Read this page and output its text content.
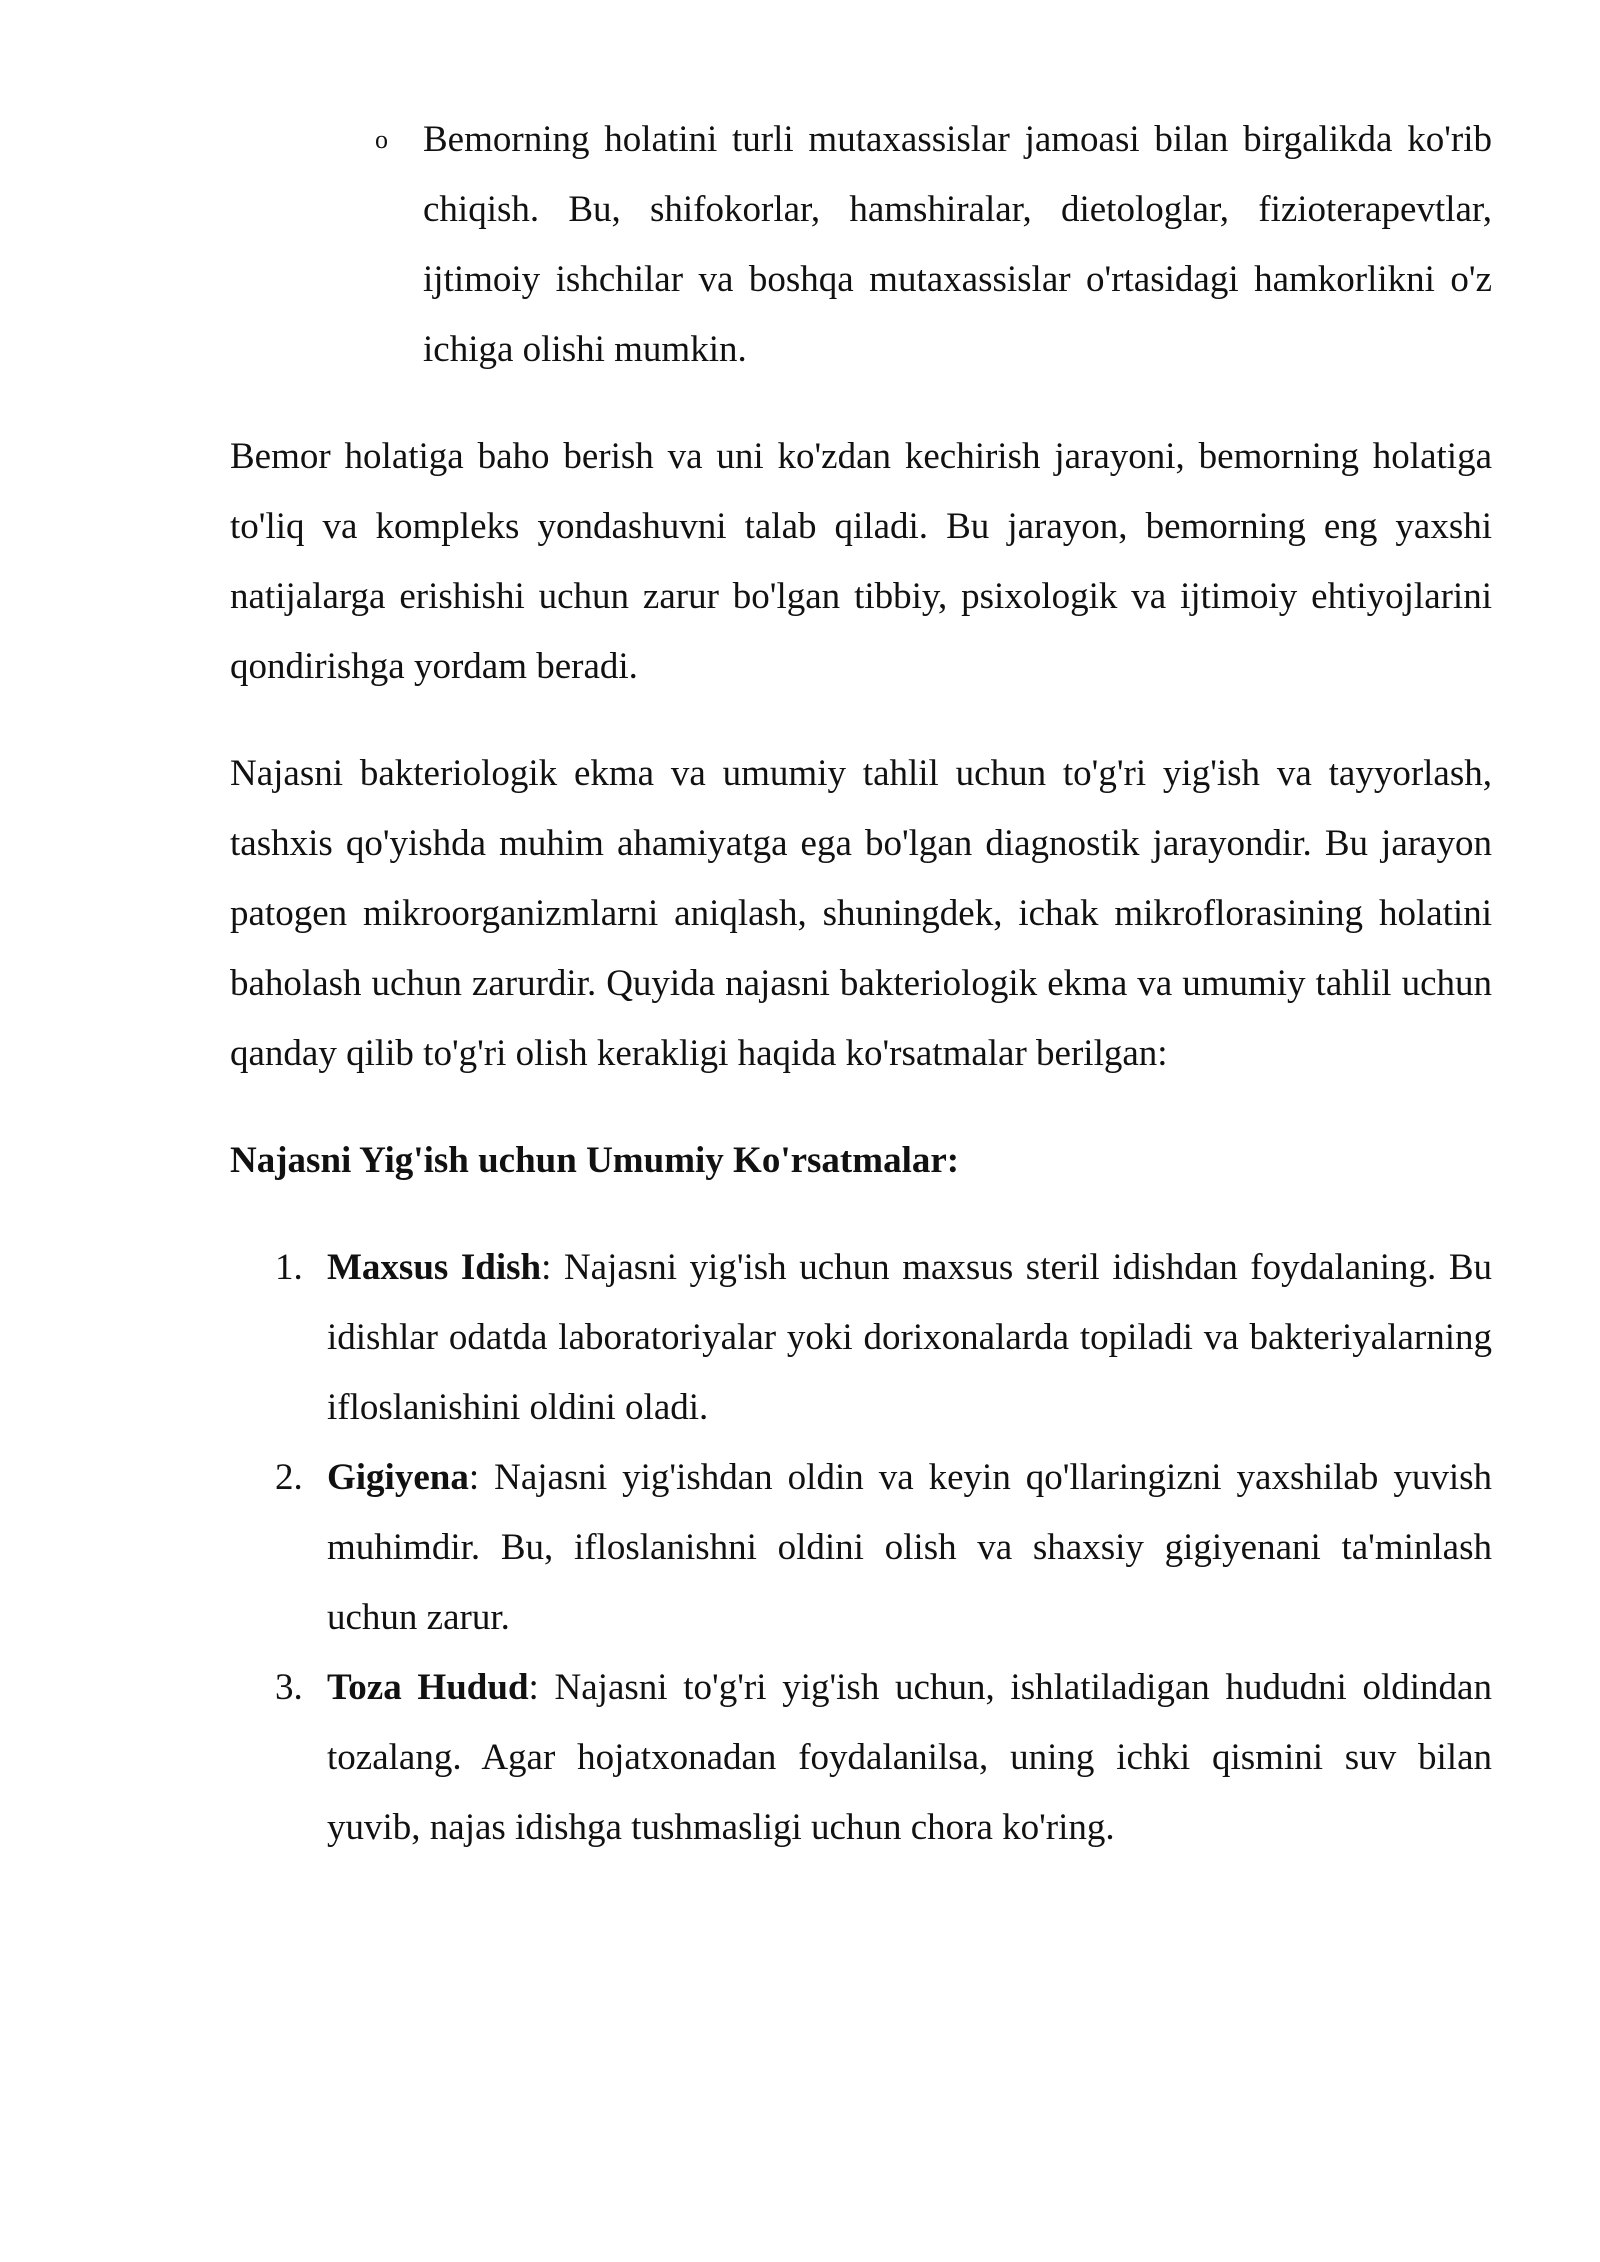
o Bemorning holatini turli mutaxassislar jamoasi bilan birgalikda ko'rib chiqish. Bu, shifokorlar, hamshiralar, dietologlar, fizioterapevtlar, ijtimoiy ishchilar va boshqa mutaxassislar o'rtasidagi hamkorlikni o'z ichiga olishi mumkin.

Bemor holatiga baho berish va uni ko'zdan kechirish jarayoni, bemorning holatiga to'liq va kompleks yondashuvni talab qiladi. Bu jarayon, bemorning eng yaxshi natijalarga erishishi uchun zarur bo'lgan tibbiy, psixologik va ijtimoiy ehtiyojlarini qondirishga yordam beradi.

Najasni bakteriologik ekma va umumiy tahlil uchun to'g'ri yig'ish va tayyorlash, tashxis qo'yishda muhim ahamiyatga ega bo'lgan diagnostik jarayondir. Bu jarayon patogen mikroorganizmlarni aniqlash, shuningdek, ichak mikroflorasining holatini baholash uchun zarurdir. Quyida najasni bakteriologik ekma va umumiy tahlil uchun qanday qilib to'g'ri olish kerakligi haqida ko'rsatmalar berilgan:

Najasni Yig'ish uchun Umumiy Ko'rsatmalar:

1. Maxsus Idish: Najasni yig'ish uchun maxsus steril idishdan foydalaning. Bu idishlar odatda laboratoriyalar yoki dorixonalarda topiladi va bakteriyalarning ifloslanishini oldini oladi.
2. Gigiyena: Najasni yig'ishdan oldin va keyin qo'llaringizni yaxshilab yuvish muhimdir. Bu, ifloslanishni oldini olish va shaxsiy gigiyenani ta'minlash uchun zarur.
3. Toza Hudud: Najasni to'g'ri yig'ish uchun, ishlatiladigan hududni oldindan tozalang. Agar hojatxonadan foydalanilsa, uning ichki qismini suv bilan yuvib, najas idishga tushmasligi uchun chora ko'ring.
